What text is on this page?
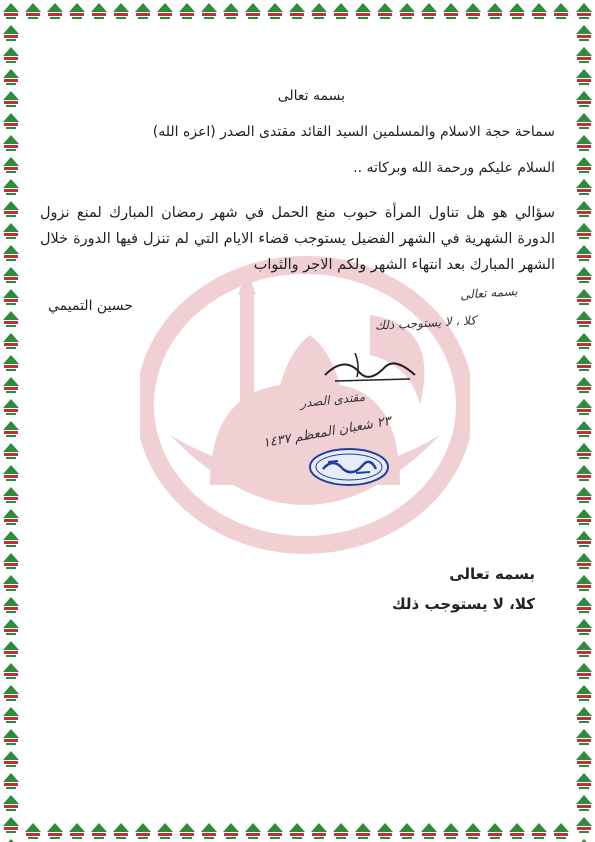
بسمه تعالى
سماحة حجة الاسلام والمسلمين السيد القائد مقتدى الصدر (اعزه الله)
السلام عليكم ورحمة الله وبركاته ..
سؤالي هو هل تناول المرأة حبوب منع الحمل في شهر رمضان المبارك لمنع نزول الدورة الشهرية في الشهر الفضيل يستوجب قضاء الايام التي لم تنزل فيها الدورة خلال الشهر المبارك بعد انتهاء الشهر ولكم الاجر والثواب
حسين التميمي
بسمه تعالى
كلا ، لا يستوجب ذلك
مقتدى الصدر
٢٣ شعبان المعظم ١٤٣٧
بسمه تعالى
كلا، لا يستوجب ذلك
